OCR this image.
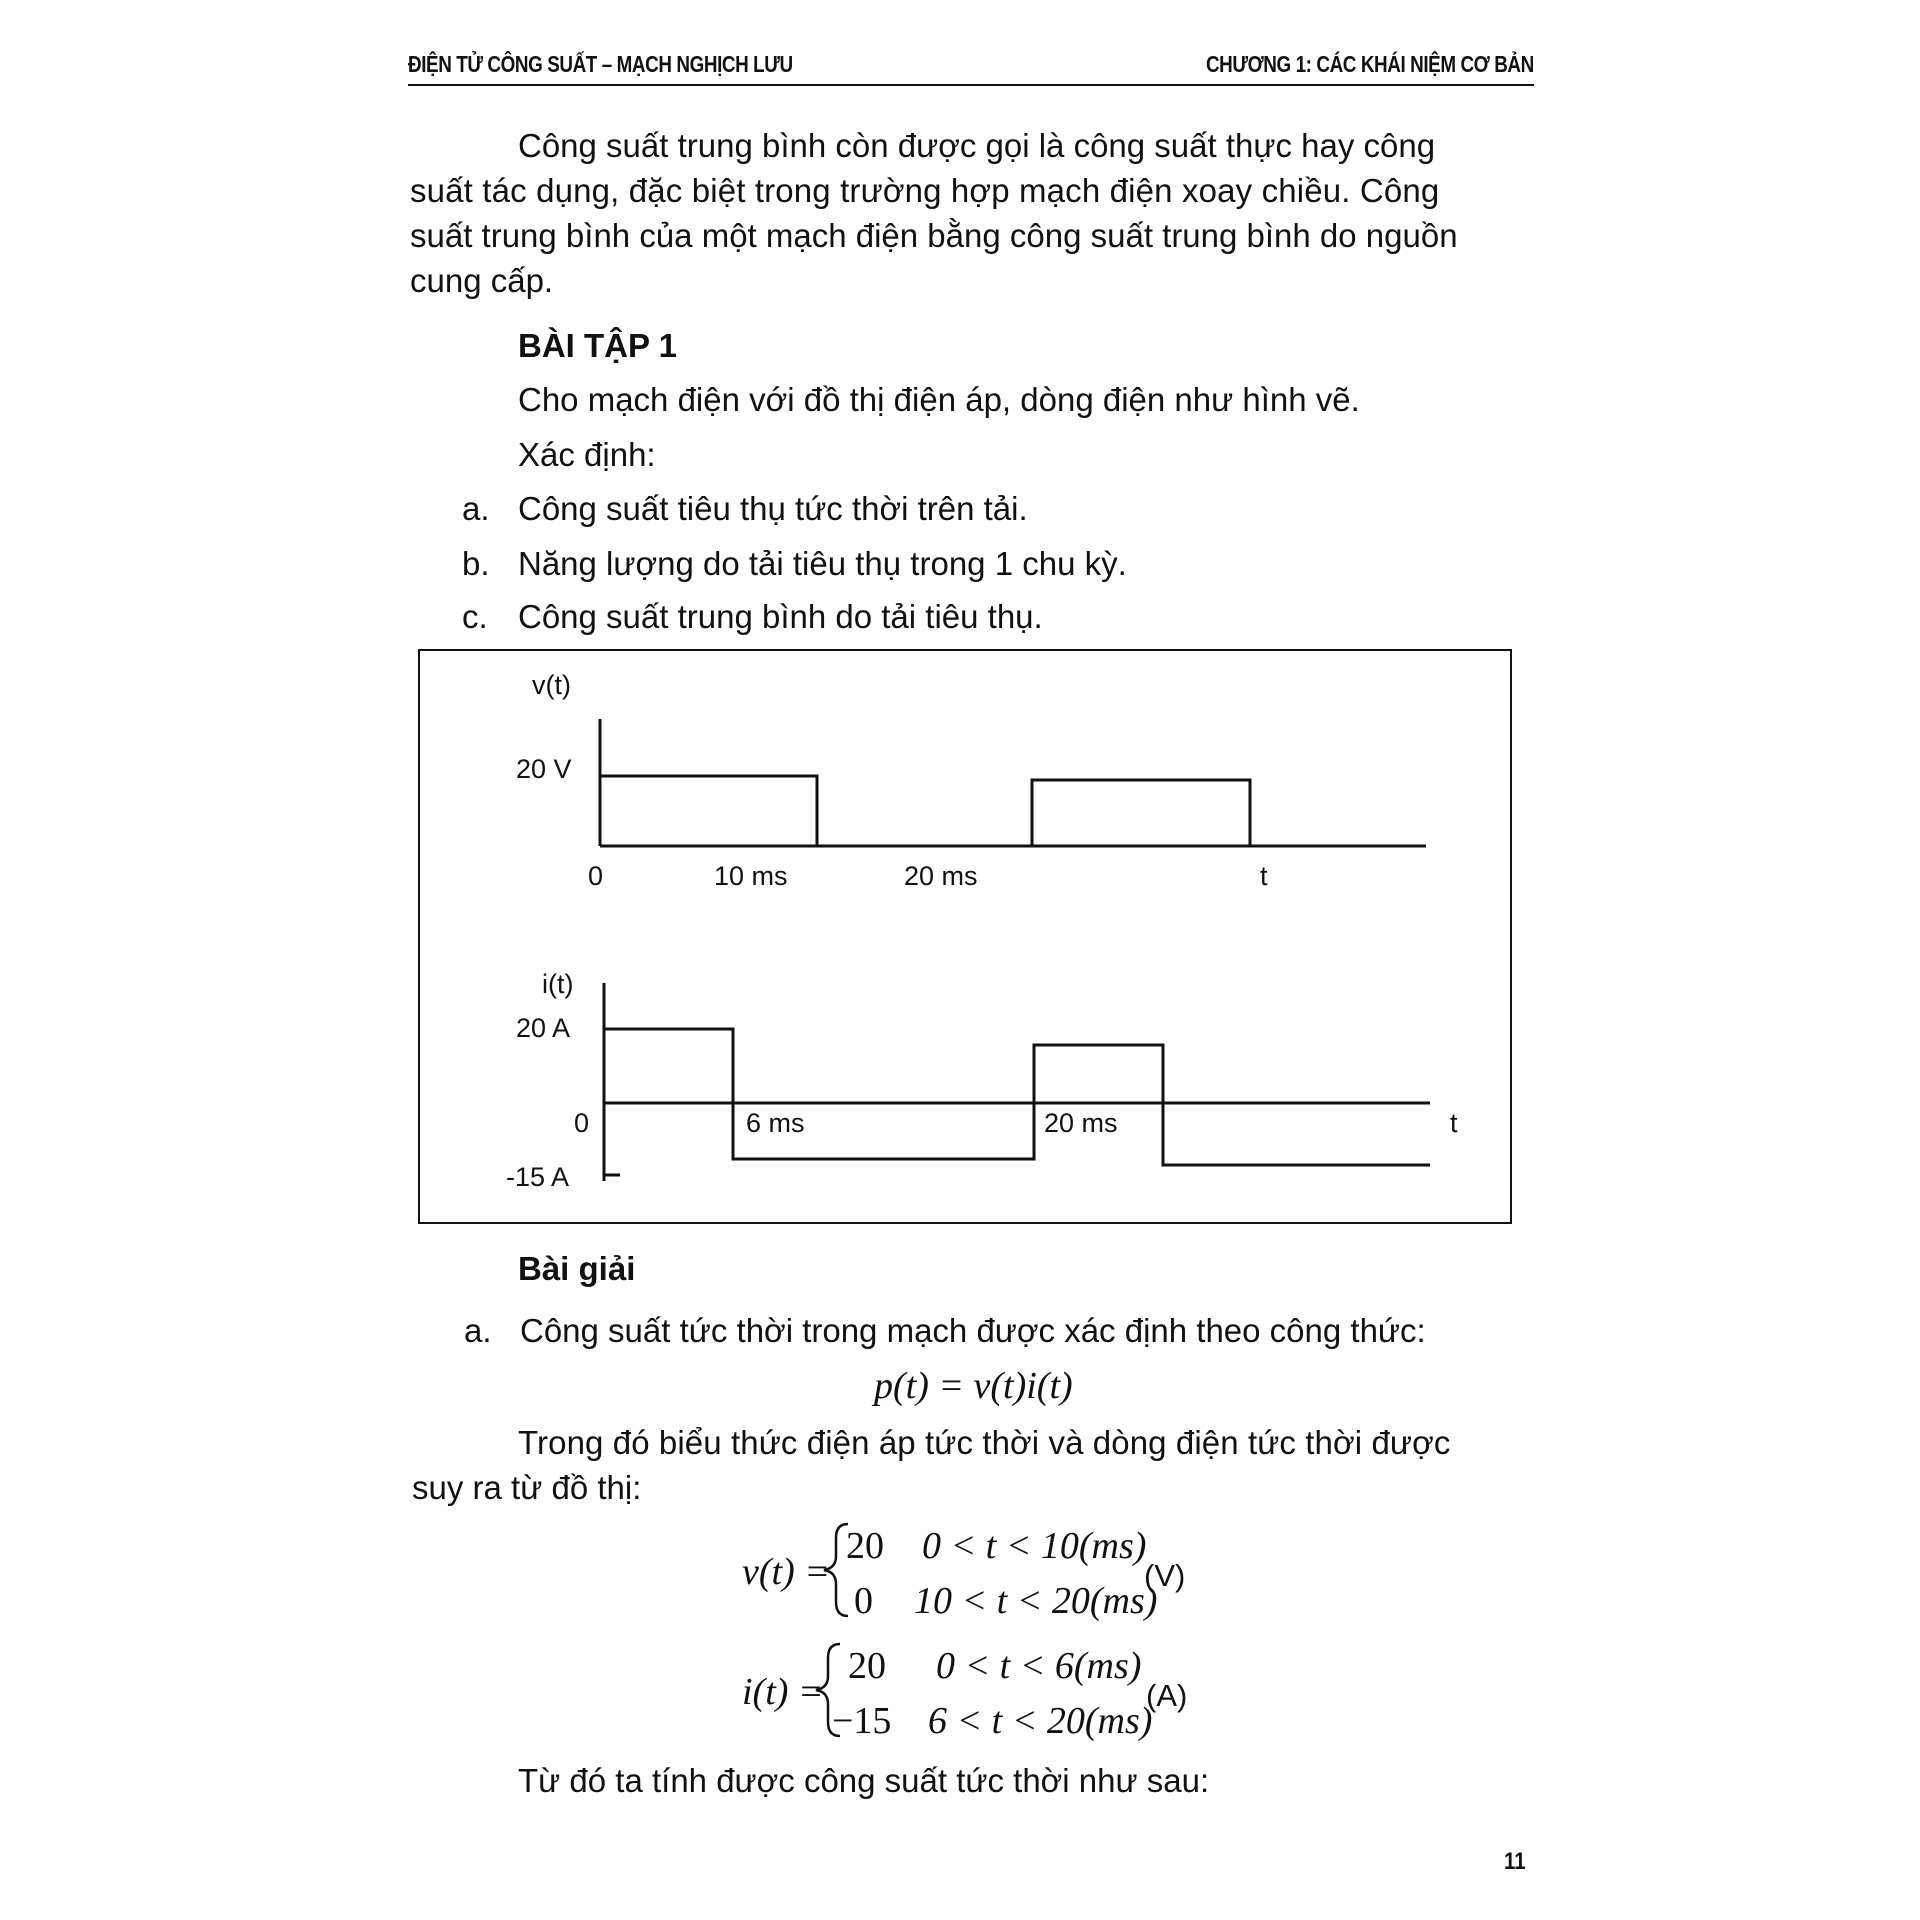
ĐIỆN TỬ CÔNG SUẤT – MẠCH NGHỊCH LƯU	CHƯƠNG 1: CÁC KHÁI NIỆM CƠ BẢN
Công suất trung bình còn được gọi là công suất thực hay công
suất tác dụng, đặc biệt trong trường hợp mạch điện xoay chiều. Công
suất trung bình của một mạch điện bằng công suất trung bình do nguồn
cung cấp.
BÀI TẬP 1
Cho mạch điện với đồ thị điện áp, dòng điện như hình vẽ.
Xác định:
a. Công suất tiêu thụ tức thời trên tải.
b. Năng lượng do tải tiêu thụ trong 1 chu kỳ.
c. Công suất trung bình do tải tiêu thụ.
v(t)
20 V
0	10 ms	20 ms	t
i(t)
20 A
0
-15 A
6 ms	20 ms	t
Bài giải
a. Công suất tức thời trong mạch được xác định theo công thức:
p(t) = v(t)i(t)
Trong đó biểu thức điện áp tức thời và dòng điện tức thời được
suy ra từ đồ thị:
v(t) =
20 0 < t < 10(ms)
0 10 < t < 20(ms)
(V)
i(t) =
20 0 < t < 6(ms)
−15 6 < t < 20(ms)
(A)
Từ đó ta tính được công suất tức thời như sau:
11
